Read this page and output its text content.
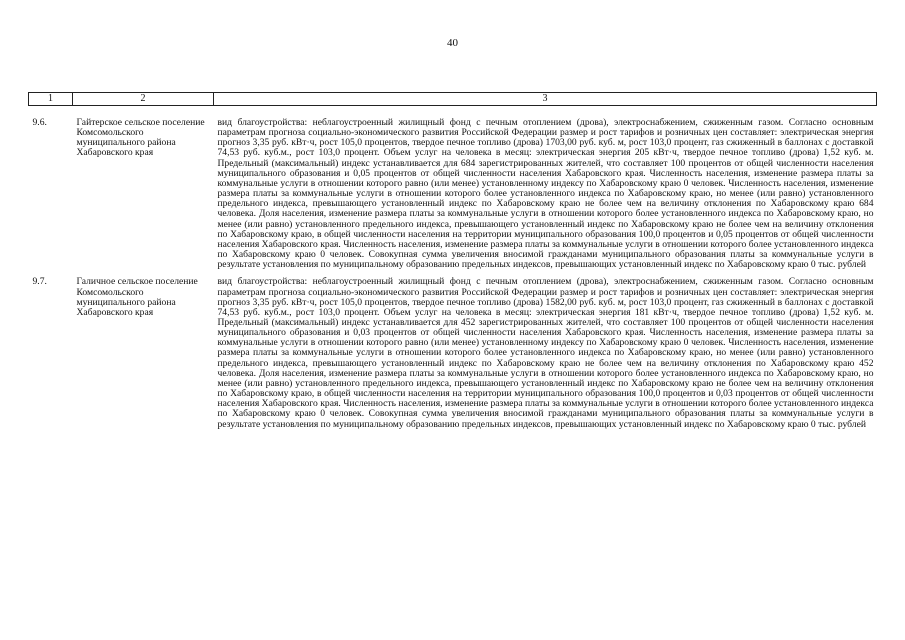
40
1	2	3
9.6.	Гайтерское сельское поселение Комсомольского муниципального района Хабаровского края	вид благоустройства: неблагоустроенный жилищный фонд с печным отоплением (дрова), электроснабжением, сжиженным газом. Согласно основным параметрам прогноза социально-экономического развития Российской Федерации размер и рост тарифов и розничных цен составляет: электрическая энергия прогноз 3,35 руб. кВт·ч, рост 105,0 процентов, твердое печное топливо (дрова) 1703,00 руб. куб. м, рост 103,0 процент, газ сжиженный в баллонах с доставкой 74,53 руб. куб.м., рост 103,0 процент. Объем услуг на человека в месяц: электрическая энергия 205 кВт·ч, твердое печное топливо (дрова) 1,52 куб. м. Предельный (максимальный) индекс устанавливается для 684 зарегистрированных жителей, что составляет 100 процентов от общей численности населения муниципального образования и 0,05 процентов от общей численности населения Хабаровского края. Численность населения, изменение размера платы за коммунальные услуги в отношении которого равно (или менее) установленному индексу по Хабаровскому краю 0 человек. Численность населения, изменение размера платы за коммунальные услуги в отношении которого более установленного индекса по Хабаровскому краю, но менее (или равно) установленного предельного индекса, превышающего установленный индекс по Хабаровскому краю не более чем на величину отклонения по Хабаровскому краю 684 человека. Доля населения, изменение размера платы за коммунальные услуги в отношении которого более установленного индекса по Хабаровскому краю, но менее (или равно) установленного предельного индекса, превышающего установленный индекс по Хабаровскому краю не более чем на величину отклонения по Хабаровскому краю, в общей численности населения на территории муниципального образования 100,0 процентов и 0,05 процентов от общей численности населения Хабаровского края. Численность населения, изменение размера платы за коммунальные услуги в отношении которого более установленного индекса по Хабаровскому краю 0 человек. Совокупная сумма увеличения вносимой гражданами муниципального образования платы за коммунальные услуги в результате установления по муниципальному образованию предельных индексов, превышающих установленный индекс по Хабаровскому краю 0 тыс. рублей
9.7.	Галичное сельское поселение Комсомольского муниципального района Хабаровского края	вид благоустройства: неблагоустроенный жилищный фонд с печным отоплением (дрова), электроснабжением, сжиженным газом. Согласно основным параметрам прогноза социально-экономического развития Российской Федерации размер и рост тарифов и розничных цен составляет: электрическая энергия прогноз 3,35 руб. кВт·ч, рост 105,0 процентов, твердое печное топливо (дрова) 1582,00 руб. куб. м, рост 103,0 процент, газ сжиженный в баллонах с доставкой 74,53 руб. куб.м., рост 103,0 процент. Объем услуг на человека в месяц: электрическая энергия 181 кВт·ч, твердое печное топливо (дрова) 1,52 куб. м. Предельный (максимальный) индекс устанавливается для 452 зарегистрированных жителей, что составляет 100 процентов от общей численности населения муниципального образования и 0,03 процентов от общей численности населения Хабаровского края. Численность населения, изменение размера платы за коммунальные услуги в отношении которого равно (или менее) установленному индексу по Хабаровскому краю 0 человек. Численность населения, изменение размера платы за коммунальные услуги в отношении которого более установленного индекса по Хабаровскому краю, но менее (или равно) установленного предельного индекса, превышающего установленный индекс по Хабаровскому краю не более чем на величину отклонения по Хабаровскому краю 452 человека. Доля населения, изменение размера платы за коммунальные услуги в отношении которого более установленного индекса по Хабаровскому краю, но менее (или равно) установленного предельного индекса, превышающего установленный индекс по Хабаровскому краю не более чем на величину отклонения по Хабаровскому краю, в общей численности населения на территории муниципального образования 100,0 процентов и 0,03 процентов от общей численности населения Хабаровского края. Численность населения, изменение размера платы за коммунальные услуги в отношении которого более установленного индекса по Хабаровскому краю 0 человек. Совокупная сумма увеличения вносимой гражданами муниципального образования платы за коммунальные услуги в результате установления по муниципальному образованию предельных индексов, превышающих установленный индекс по Хабаровскому краю 0 тыс. рублей
